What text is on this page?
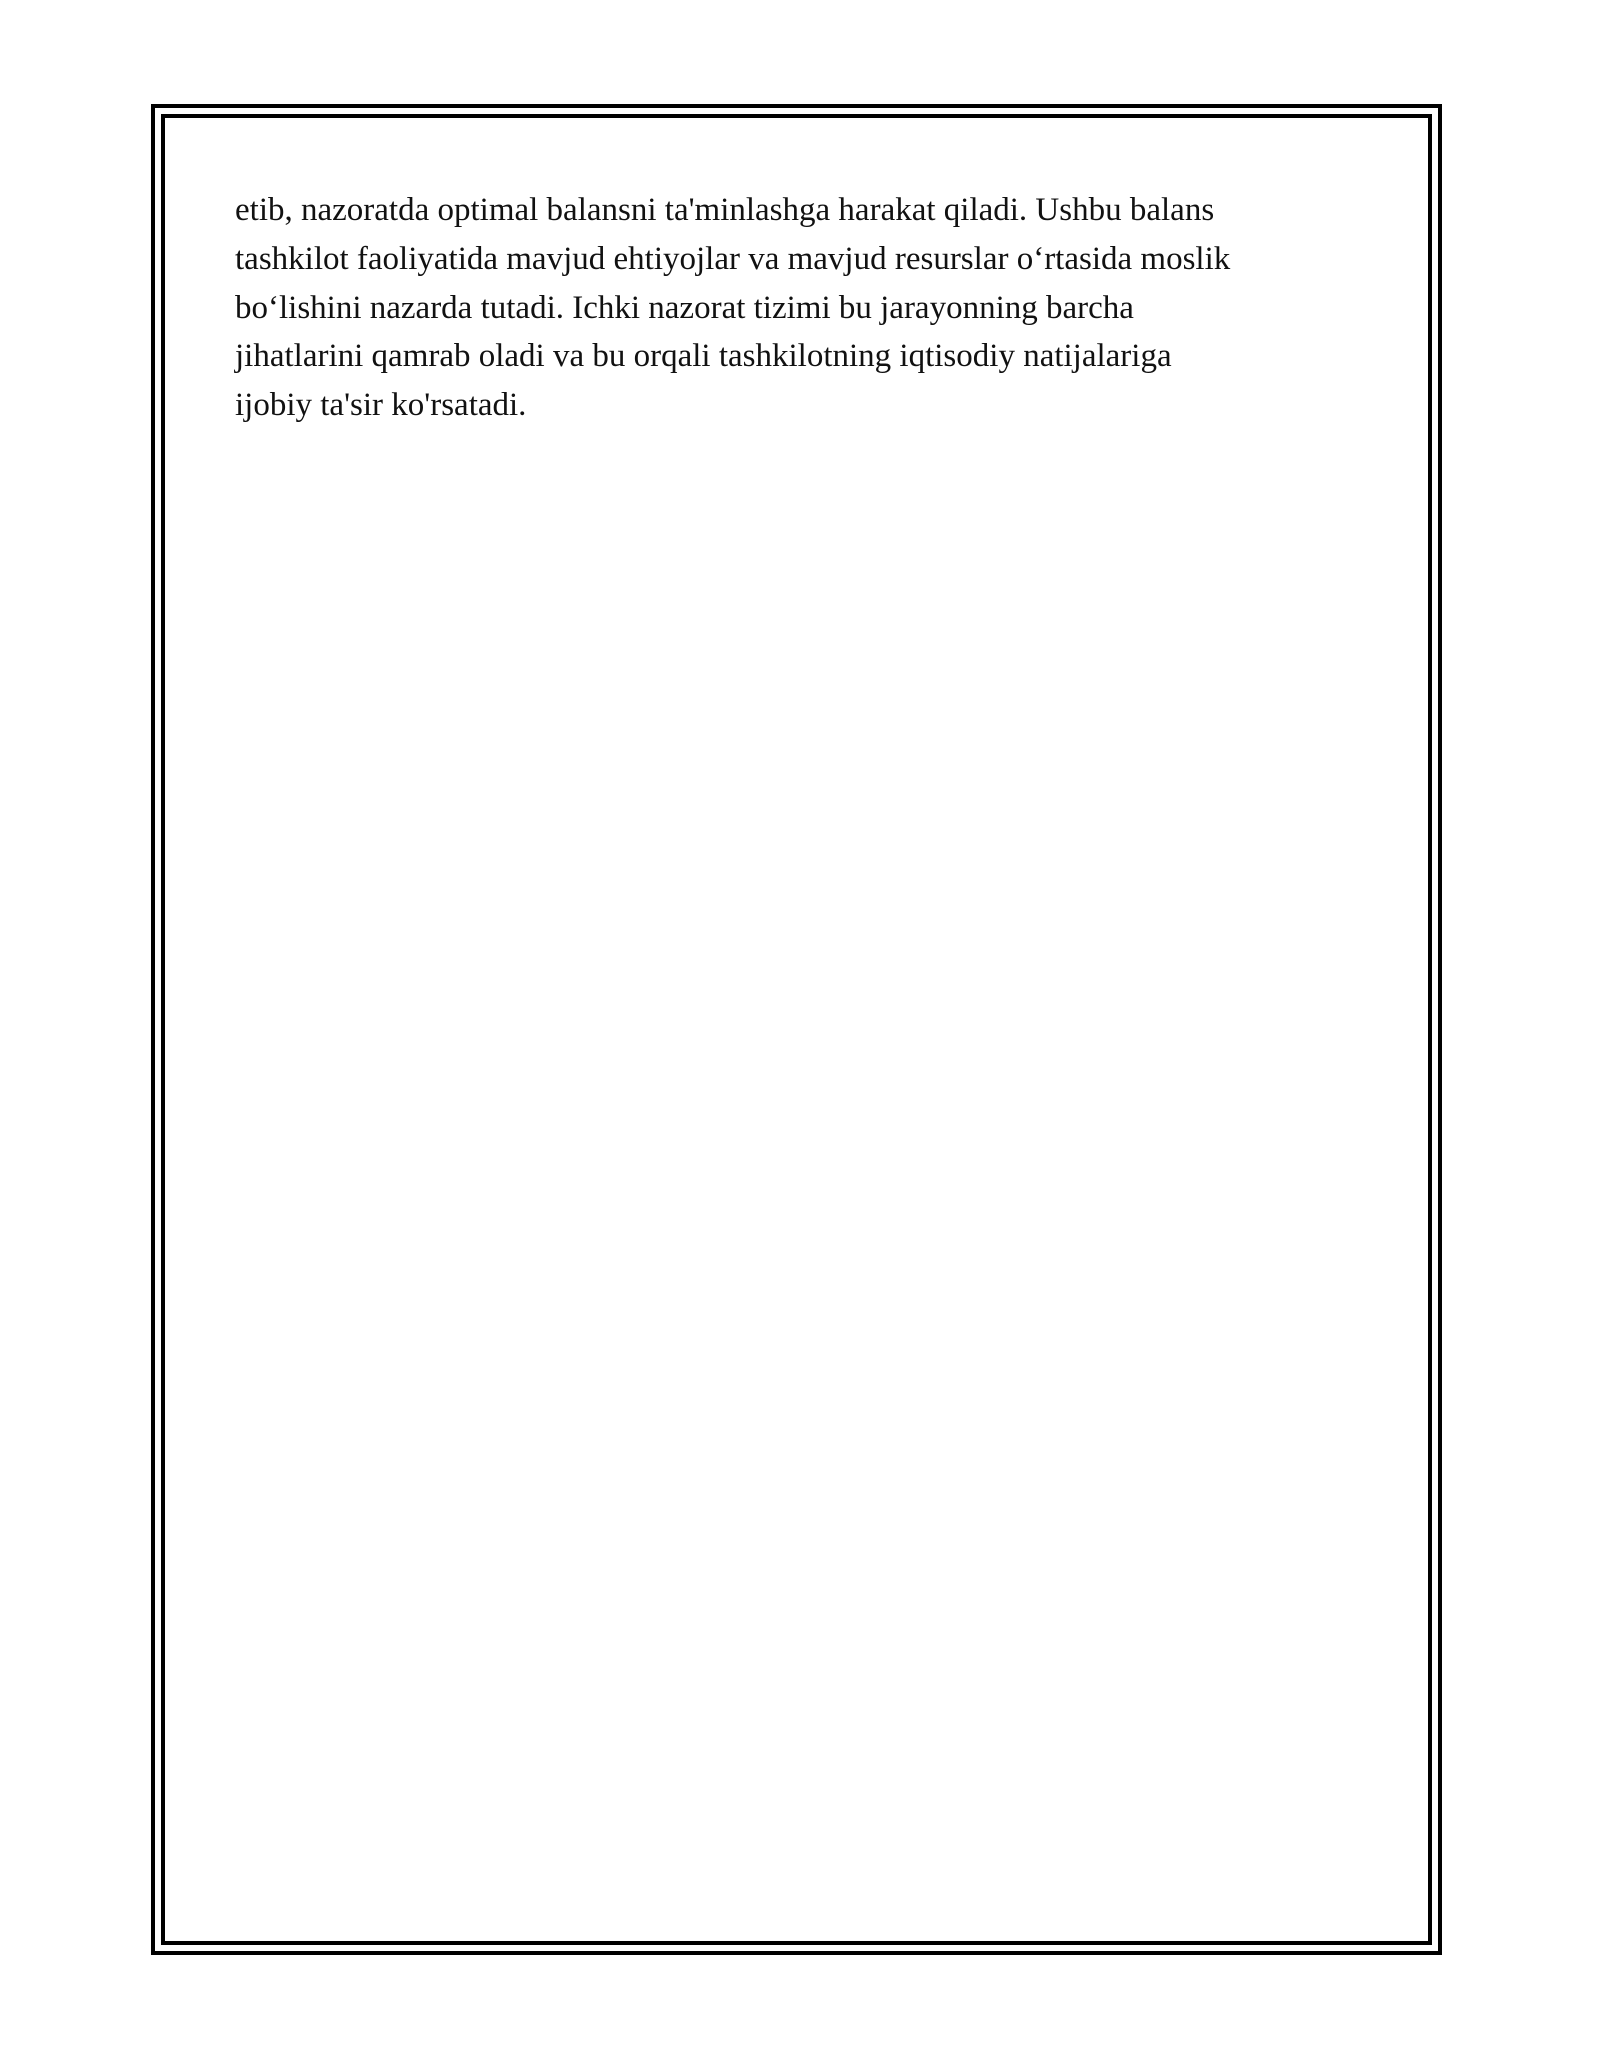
etib, nazoratda optimal balansni ta'minlashga harakat qiladi. Ushbu balans
tashkilot faoliyatida mavjud ehtiyojlar va mavjud resurslar o‘rtasida moslik
bo‘lishini nazarda tutadi. Ichki nazorat tizimi bu jarayonning barcha
jihatlarini qamrab oladi va bu orqali tashkilotning iqtisodiy natijalariga
ijobiy ta'sir ko'rsatadi.
